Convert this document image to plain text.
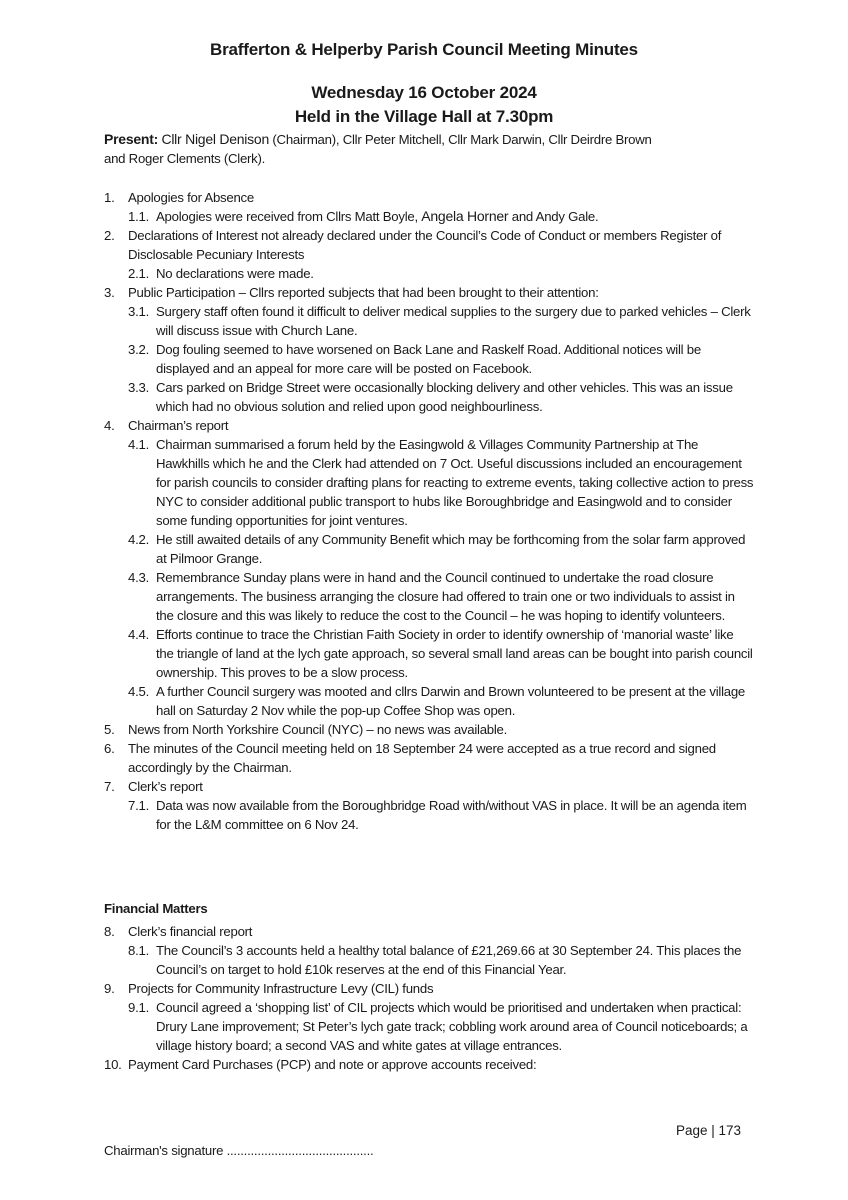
Brafferton & Helperby Parish Council Meeting Minutes
Wednesday 16 October 2024
Held in the Village Hall at 7.30pm
Present: Cllr Nigel Denison (Chairman), Cllr Peter Mitchell, Cllr Mark Darwin, Cllr Deirdre Brown
and Roger Clements (Clerk).
1. Apologies for Absence
1.1. Apologies were received from Cllrs Matt Boyle, Angela Horner and Andy Gale.
2. Declarations of Interest not already declared under the Council’s Code of Conduct or members Register of Disclosable Pecuniary Interests
2.1. No declarations were made.
3. Public Participation – Cllrs reported subjects that had been brought to their attention:
3.1. Surgery staff often found it difficult to deliver medical supplies to the surgery due to parked vehicles – Clerk will discuss issue with Church Lane.
3.2. Dog fouling seemed to have worsened on Back Lane and Raskelf Road. Additional notices will be displayed and an appeal for more care will be posted on Facebook.
3.3. Cars parked on Bridge Street were occasionally blocking delivery and other vehicles. This was an issue which had no obvious solution and relied upon good neighbourliness.
4. Chairman’s report
4.1. Chairman summarised a forum held by the Easingwold & Villages Community Partnership at The Hawkhills which he and the Clerk had attended on 7 Oct. Useful discussions included an encouragement for parish councils to consider drafting plans for reacting to extreme events, taking collective action to press NYC to consider additional public transport to hubs like Boroughbridge and Easingwold and to consider some funding opportunities for joint ventures.
4.2. He still awaited details of any Community Benefit which may be forthcoming from the solar farm approved at Pilmoor Grange.
4.3. Remembrance Sunday plans were in hand and the Council continued to undertake the road closure arrangements. The business arranging the closure had offered to train one or two individuals to assist in the closure and this was likely to reduce the cost to the Council – he was hoping to identify volunteers.
4.4. Efforts continue to trace the Christian Faith Society in order to identify ownership of ‘manorial waste’ like the triangle of land at the lych gate approach, so several small land areas can be bought into parish council ownership. This proves to be a slow process.
4.5. A further Council surgery was mooted and cllrs Darwin and Brown volunteered to be present at the village hall on Saturday 2 Nov while the pop-up Coffee Shop was open.
5. News from North Yorkshire Council (NYC) – no news was available.
6. The minutes of the Council meeting held on 18 September 24 were accepted as a true record and signed accordingly by the Chairman.
7. Clerk’s report
7.1. Data was now available from the Boroughbridge Road with/without VAS in place. It will be an agenda item for the L&M committee on 6 Nov 24.
Financial Matters
8. Clerk’s financial report
8.1. The Council’s 3 accounts held a healthy total balance of £21,269.66 at 30 September 24. This places the Council’s on target to hold £10k reserves at the end of this Financial Year.
9. Projects for Community Infrastructure Levy (CIL) funds
9.1. Council agreed a ‘shopping list’ of CIL projects which would be prioritised and undertaken when practical: Drury Lane improvement; St Peter’s lych gate track; cobbling work around area of Council noticeboards; a village history board; a second VAS and white gates at village entrances.
10. Payment Card Purchases (PCP) and note or approve accounts received:
Page | 173
Chairman's signature ...........................................
